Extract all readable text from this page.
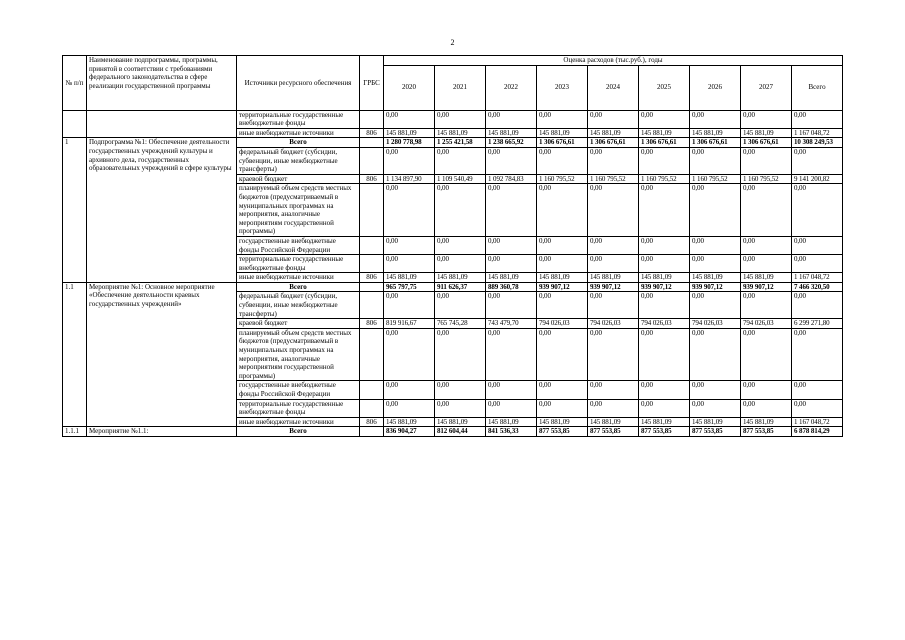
2
№ п/п	Наименование подпрограммы, программы, принятой в соответствии с требованиями федерального законодательства в сфере реализации государственной программы	Источники ресурсного обеспечения	ГРБС	Оценка расходов (тыс.руб.), годы								
				2020	2021	2022	2023	2024	2025	2026	2027	Всего
		территориальные государственные внебюджетные фонды		0,00	0,00	0,00	0,00	0,00	0,00	0,00	0,00	0,00
		иные внебюджетные источники	806	145 881,09	145 881,09	145 881,09	145 881,09	145 881,09	145 881,09	145 881,09	145 881,09	1 167 048,72
1	Подпрограмма №1: Обеспечение деятельности государственных учреждений культуры и архивного дела, государственных образовательных учреждений в сфере культуры	Всего		1 280 778,98	1 255 421,58	1 238 665,92	1 306 676,61	1 306 676,61	1 306 676,61	1 306 676,61	1 306 676,61	10 308 249,53
		федеральный бюджет (субсидии, субвенции, иные межбюджетные трансферты)		0,00	0,00	0,00	0,00	0,00	0,00	0,00	0,00	0,00
		краевой бюджет	806	1 134 897,90	1 109 540,49	1 092 784,83	1 160 795,52	1 160 795,52	1 160 795,52	1 160 795,52	1 160 795,52	9 141 200,82
		планируемый объем средств местных бюджетов (предусматриваемый в муниципальных программах на мероприятия, аналогичные мероприятиям государственной программы)		0,00	0,00	0,00	0,00	0,00	0,00	0,00	0,00	0,00
		государственные внебюджетные фонды Российской Федерации		0,00	0,00	0,00	0,00	0,00	0,00	0,00	0,00	0,00
		территориальные государственные внебюджетные фонды		0,00	0,00	0,00	0,00	0,00	0,00	0,00	0,00	0,00
		иные внебюджетные источники	806	145 881,09	145 881,09	145 881,09	145 881,09	145 881,09	145 881,09	145 881,09	145 881,09	1 167 048,72
1.1	Мероприятие №1: Основное мероприятие «Обеспечение деятельности краевых государственных учреждений»	Всего		965 797,75	911 626,37	889 360,78	939 907,12	939 907,12	939 907,12	939 907,12	939 907,12	7 466 320,50
		федеральный бюджет (субсидии, субвенции, иные межбюджетные трансферты)		0,00	0,00	0,00	0,00	0,00	0,00	0,00	0,00	0,00
		краевой бюджет	806	819 916,67	765 745,28	743 479,70	794 026,03	794 026,03	794 026,03	794 026,03	794 026,03	6 299 271,80
		планируемый объем средств местных бюджетов (предусматриваемый в муниципальных программах на мероприятия, аналогичные мероприятиям государственной программы)		0,00	0,00	0,00	0,00	0,00	0,00	0,00	0,00	0,00
		государственные внебюджетные фонды Российской Федерации		0,00	0,00	0,00	0,00	0,00	0,00	0,00	0,00	0,00
		территориальные государственные внебюджетные фонды		0,00	0,00	0,00	0,00	0,00	0,00	0,00	0,00	0,00
		иные внебюджетные источники	806	145 881,09	145 881,09	145 881,09	145 881,09	145 881,09	145 881,09	145 881,09	145 881,09	1 167 048,72
1.1.1	Мероприятие №1.1:	Всего		836 904,27	812 604,44	841 536,33	877 553,85	877 553,85	877 553,85	877 553,85	877 553,85	6 878 814,29
